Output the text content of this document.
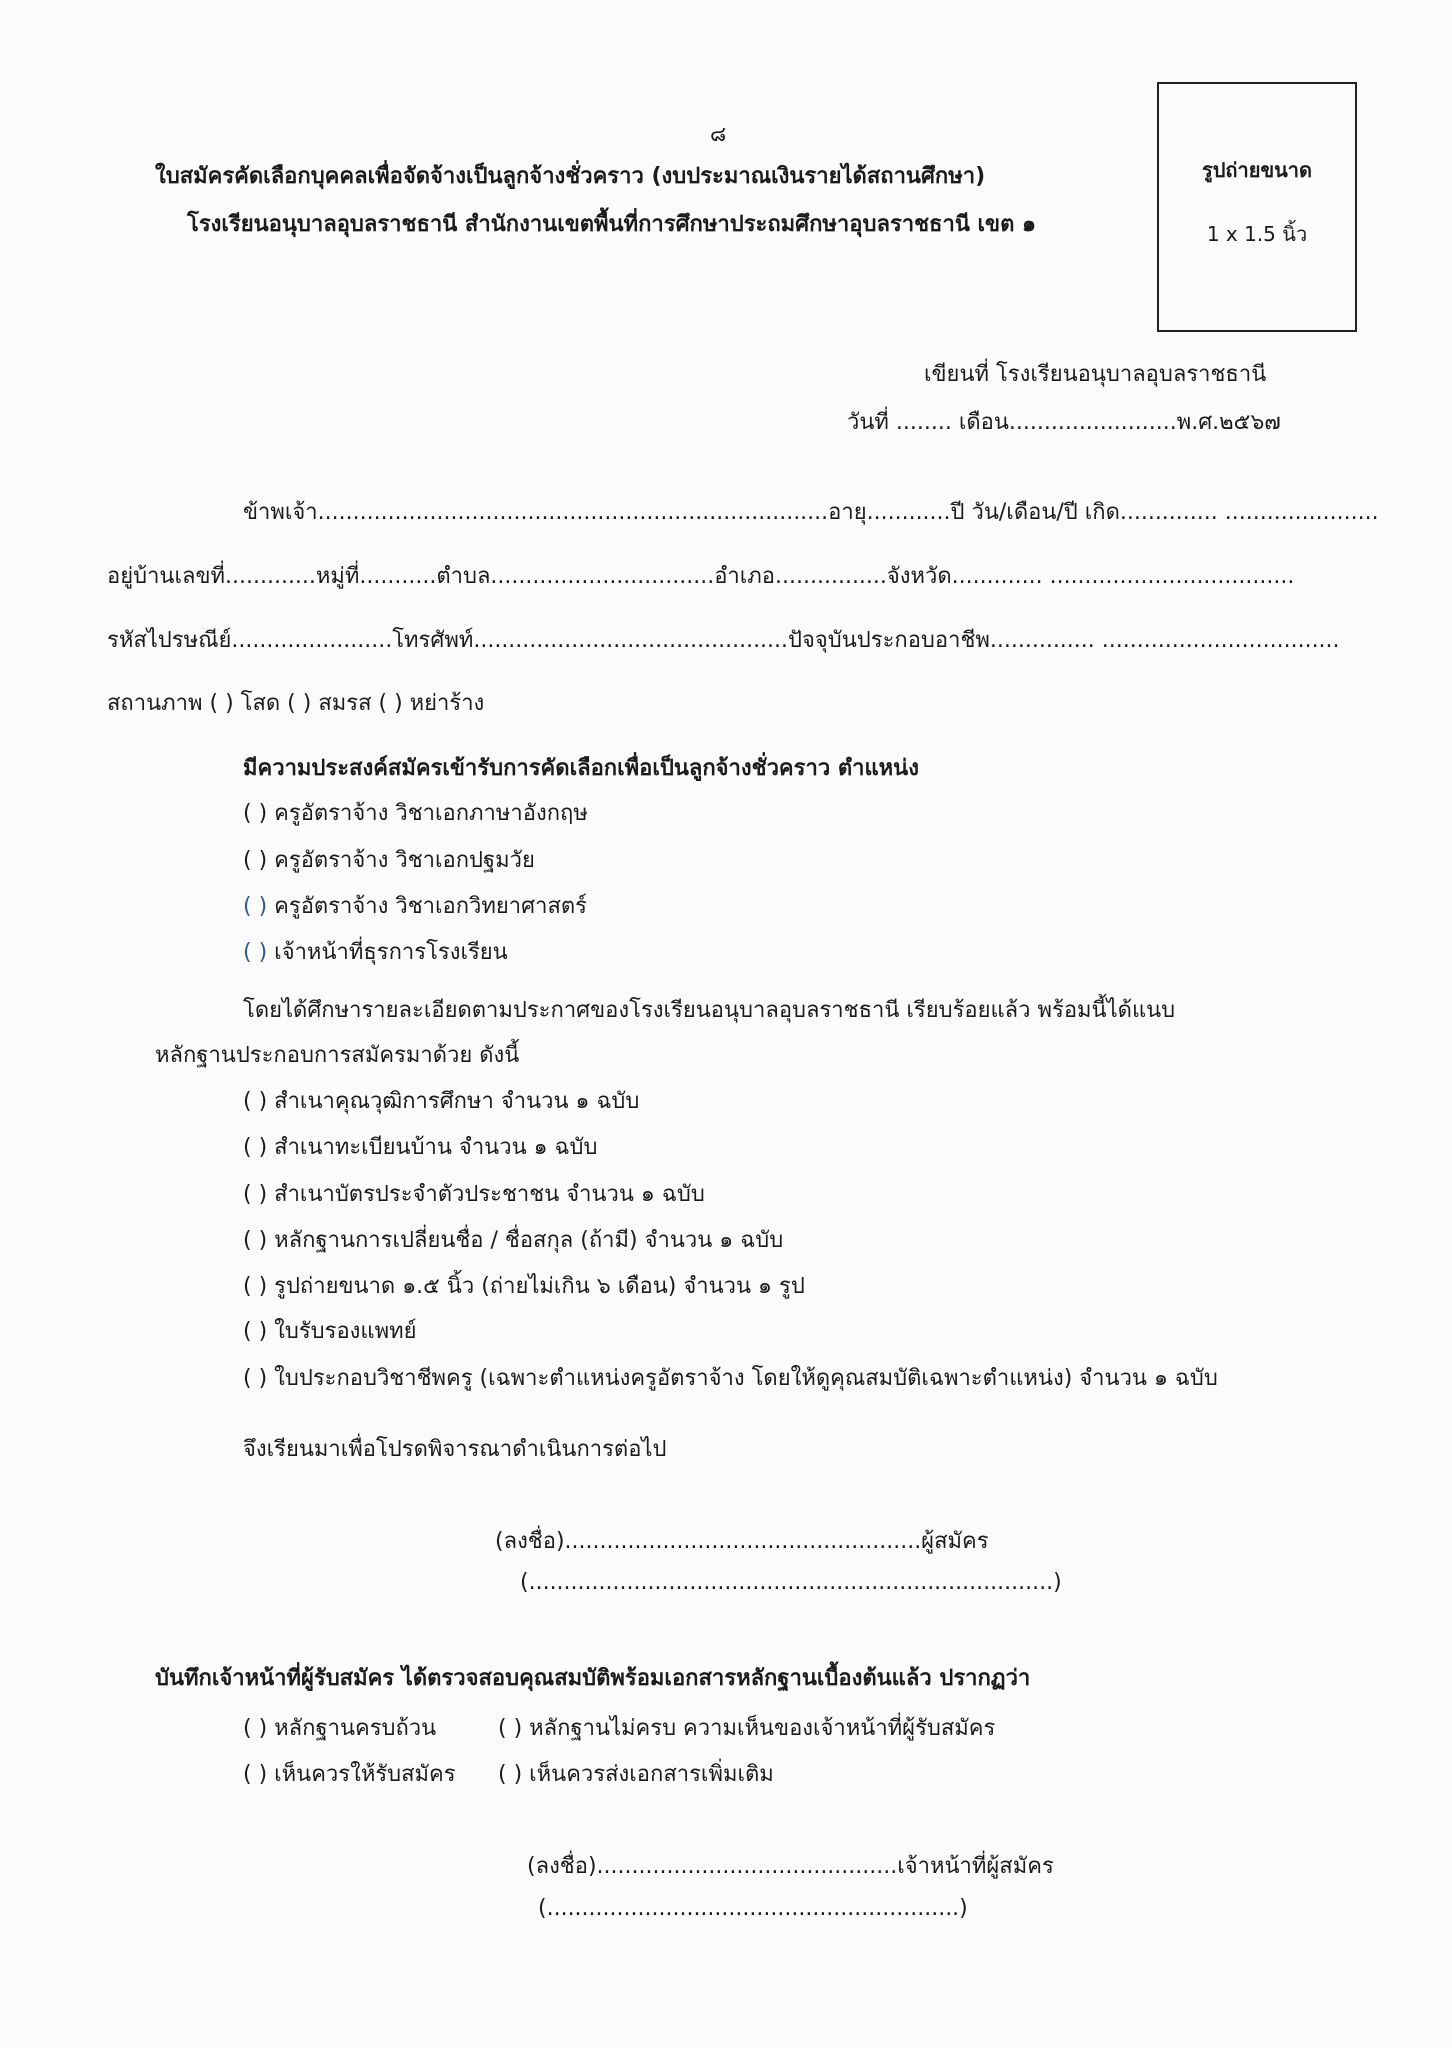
๘
ใบสมัครคัดเลือกบุคคลเพื่อจัดจ้างเป็นลูกจ้างชั่วคราว (งบประมาณเงินรายได้สถานศึกษา)
โรงเรียนอนุบาลอุบลราชธานี สำนักงานเขตพื้นที่การศึกษาประถมศึกษาอุบลราชธานี เขต ๑
รูปถ่ายขนาด
1 x 1.5 นิ้ว
เขียนที่ โรงเรียนอนุบาลอุบลราชธานี
วันที่ ........ เดือน........................พ.ศ.๒๕๖๗
ข้าพเจ้า.........................................................................อายุ............ปี วัน/เดือน/ปี เกิด.............. ......................
อยู่บ้านเลขที่.............หมู่ที่...........ตำบล................................อำเภอ................จังหวัด............. ...................................
รหัสไปรษณีย์.......................โทรศัพท์.............................................ปัจจุบันประกอบอาชีพ............... ..................................
สถานภาพ ( ) โสด ( ) สมรส ( ) หย่าร้าง
มีความประสงค์สมัครเข้ารับการคัดเลือกเพื่อเป็นลูกจ้างชั่วคราว ตำแหน่ง
( ) ครูอัตราจ้าง วิชาเอกภาษาอังกฤษ
( ) ครูอัตราจ้าง วิชาเอกปฐมวัย
( ) ครูอัตราจ้าง วิชาเอกวิทยาศาสตร์
( ) เจ้าหน้าที่ธุรการโรงเรียน
โดยได้ศึกษารายละเอียดตามประกาศของโรงเรียนอนุบาลอุบลราชธานี เรียบร้อยแล้ว พร้อมนี้ได้แนบ
หลักฐานประกอบการสมัครมาด้วย ดังนี้
( ) สำเนาคุณวุฒิการศึกษา จำนวน ๑ ฉบับ
( ) สำเนาทะเบียนบ้าน จำนวน ๑ ฉบับ
( ) สำเนาบัตรประจำตัวประชาชน จำนวน ๑ ฉบับ
( ) หลักฐานการเปลี่ยนชื่อ / ชื่อสกุล (ถ้ามี) จำนวน ๑ ฉบับ
( ) รูปถ่ายขนาด ๑.๕ นิ้ว (ถ่ายไม่เกิน ๖ เดือน) จำนวน ๑ รูป
( ) ใบรับรองแพทย์
( ) ใบประกอบวิชาชีพครู (เฉพาะตำแหน่งครูอัตราจ้าง โดยให้ดูคุณสมบัติเฉพาะตำแหน่ง) จำนวน ๑ ฉบับ
จึงเรียนมาเพื่อโปรดพิจารณาดำเนินการต่อไป
(ลงชื่อ)...................................................ผู้สมัคร
(...........................................................................)
บันทึกเจ้าหน้าที่ผู้รับสมัคร ได้ตรวจสอบคุณสมบัติพร้อมเอกสารหลักฐานเบื้องต้นแล้ว ปรากฏว่า
( ) หลักฐานครบถ้วน	( ) หลักฐานไม่ครบ ความเห็นของเจ้าหน้าที่ผู้รับสมัคร
( ) เห็นควรให้รับสมัคร ( ) เห็นควรส่งเอกสารเพิ่มเติม
(ลงชื่อ)...........................................เจ้าหน้าที่ผู้สมัคร
(...........................................................)
